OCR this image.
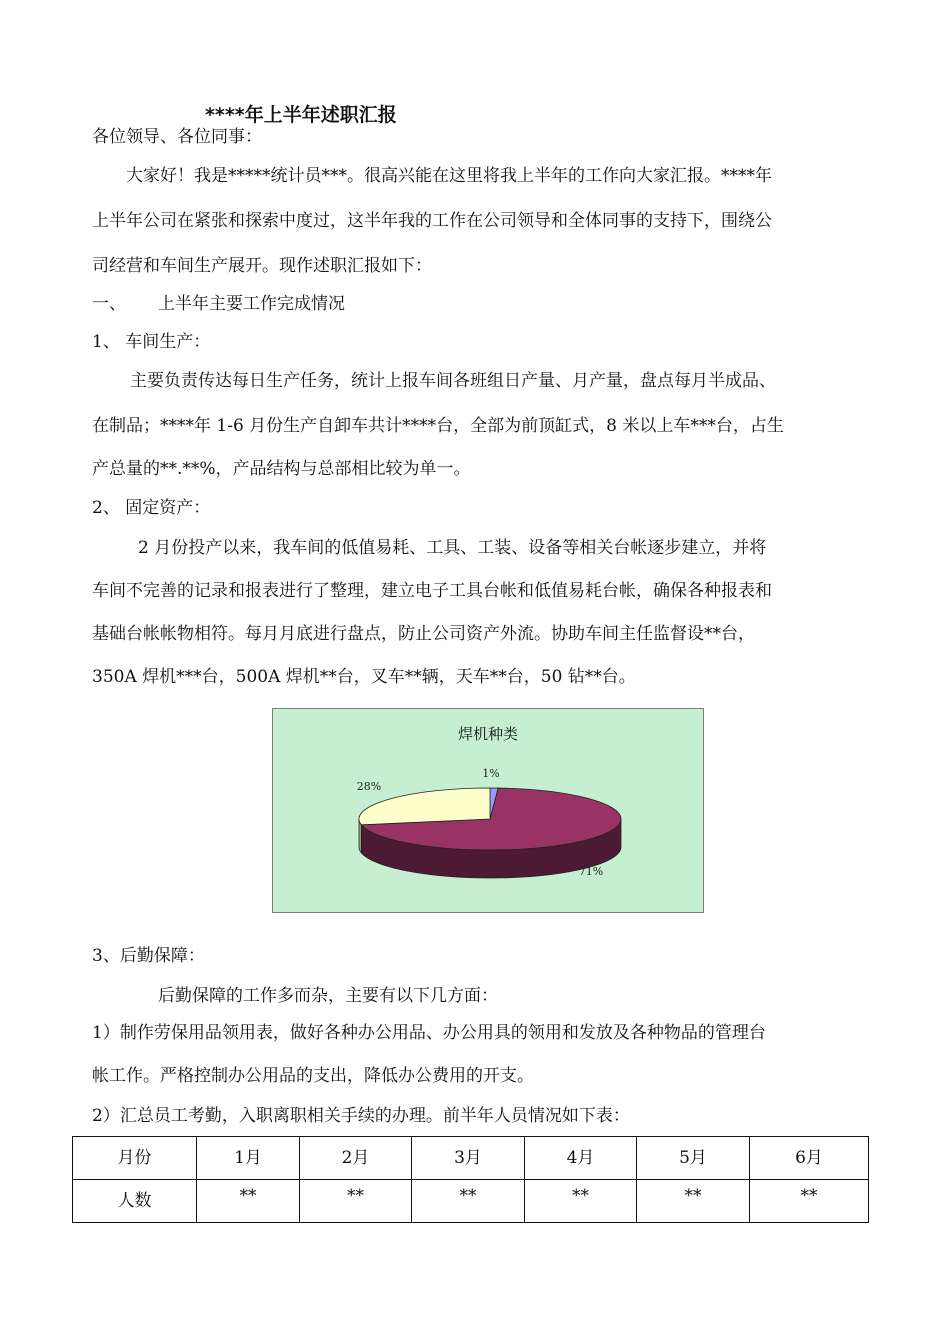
****年上半年述职汇报
各位领导、各位同事：
大家好！我是*****统计员***。很高兴能在这里将我上半年的工作向大家汇报。****年
上半年公司在紧张和探索中度过，这半年我的工作在公司领导和全体同事的支持下，围绕公
司经营和车间生产展开。现作述职汇报如下：
一、 上半年主要工作完成情况
1、 车间生产：
主要负责传达每日生产任务，统计上报车间各班组日产量、月产量，盘点每月半成品、
在制品；****年 1-6 月份生产自卸车共计****台，全部为前顶缸式，8 米以上车***台，占生
产总量的**.**%，产品结构与总部相比较为单一。
2、 固定资产：
2 月份投产以来，我车间的低值易耗、工具、工装、设备等相关台帐逐步建立，并将
车间不完善的记录和报表进行了整理，建立电子工具台帐和低值易耗台帐，确保各种报表和
基础台帐帐物相符。每月月底进行盘点，防止公司资产外流。协助车间主任监督设**台，
350A 焊机***台，500A 焊机**台，叉车**辆，天车**台，50 钻**台。
焊机种类
1%
71%
28%
3、后勤保障：
后勤保障的工作多而杂，主要有以下几方面：
1）制作劳保用品领用表，做好各种办公用品、办公用具的领用和发放及各种物品的管理台
帐工作。严格控制办公用品的支出，降低办公费用的开支。
2）汇总员工考勤，入职离职相关手续的办理。前半年人员情况如下表：
月份	1月	2月	3月	4月	5月	6月
人数	**	**	**	**	**	**
